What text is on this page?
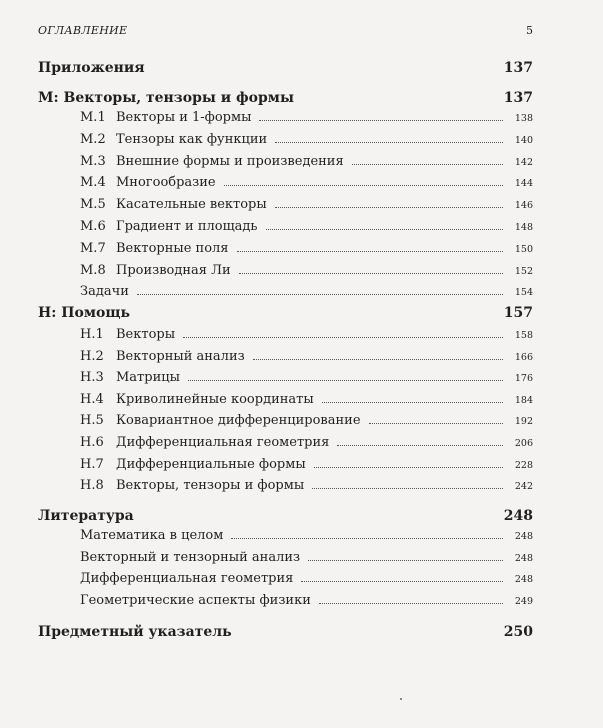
ОГЛАВЛЕНИЕ	5
Приложения	137
M: Векторы, тензоры и формы	137
M.1 Векторы и 1-формы	138
M.2 Тензоры как функции	140
M.3 Внешние формы и произведения	142
M.4 Многообразие	144
M.5 Касательные векторы	146
M.6 Градиент и площадь	148
M.7 Векторные поля	150
M.8 Производная Ли	152
Задачи	154
H: Помощь	157
H.1 Векторы	158
H.2 Векторный анализ	166
H.3 Матрицы	176
H.4 Криволинейные координаты	184
H.5 Ковариантное дифференцирование	192
H.6 Дифференциальная геометрия	206
H.7 Дифференциальные формы	228
H.8 Векторы, тензоры и формы	242
Литература	248
Математика в целом	248
Векторный и тензорный анализ	248
Дифференциальная геометрия	248
Геометрические аспекты физики	249
Предметный указатель	250
